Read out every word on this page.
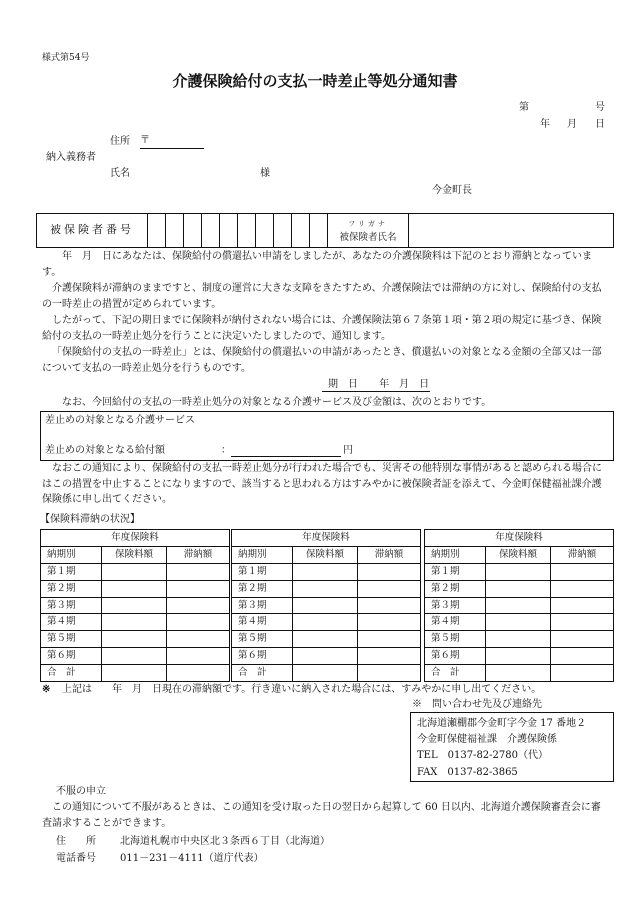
様式第54号
介護保険給付の支払一時差止等処分通知書
第	号
年 月 日
住所 〒
納入義務者
氏名	様
今金町長
被保険者番号											フリガナ
被保険者氏名

年　月　日にあなたは、保険給付の償還払い申請をしましたが、あなたの介護保険料は下記のとおり滞納となっています。
介護保険料が滞納のままですと、制度の運営に大きな支障をきたすため、介護保険法では滞納の方に対し、保険給付の支払の一時差止の措置が定められています。
したがって、下記の期日までに保険料が納付されない場合には、介護保険法第６７条第１項・第２項の規定に基づき、保険給付の支払の一時差止処分を行うことに決定いたしましたので、通知します。
「保険給付の支払の一時差止」とは、保険給付の償還払いの申請があったとき、償還払いの対象となる金額の全部又は一部について支払の一時差止処分を行うものです。
期　日 年　月　日
なお、今回給付の支払の一時差止処分の対象となる介護サービス及び金額は、次のとおりです。
差止めの対象となる介護サービス
差止めの対象となる給付額	：	円
なおこの通知により、保険給付の支払一時差止処分が行われた場合でも、災害その他特別な事情があると認められる場合にはこの措置を中止することになりますので、該当すると思われる方はすみやかに被保険者証を添えて、今金町保健福祉課介護保険係に申し出てください。
【保険料滞納の状況】
年度保険料		
納期別	保険料額	滞納額
第１期		
第２期		
第３期		
第４期		
第５期		
第６期		
合　計		
年度保険料		
納期別	保険料額	滞納額
第１期		
第２期		
第３期		
第４期		
第５期		
第６期		
合　計		
年度保険料		
納期別	保険料額	滞納額
第１期		
第２期		
第３期		
第４期		
第５期		
第６期		
合　計		
※ 上記は　　年　月　日現在の滞納額です。行き違いに納入された場合には、すみやかに申し出てください。
※　問い合わせ先及び連絡先
北海道瀬棚郡今金町字今金 17 番地２
今金町保健福祉課　介護保険係
TEL　0137-82-2780（代）
FAX　0137-82-3865
不服の申立
この通知について不服があるときは、この通知を受け取った日の翌日から起算して 60 日以内、北海道介護保険審査会に審査請求することができます。
住　　所 北海道札幌市中央区北３条西６丁目（北海道）
電話番号 011－231－4111（道庁代表）
